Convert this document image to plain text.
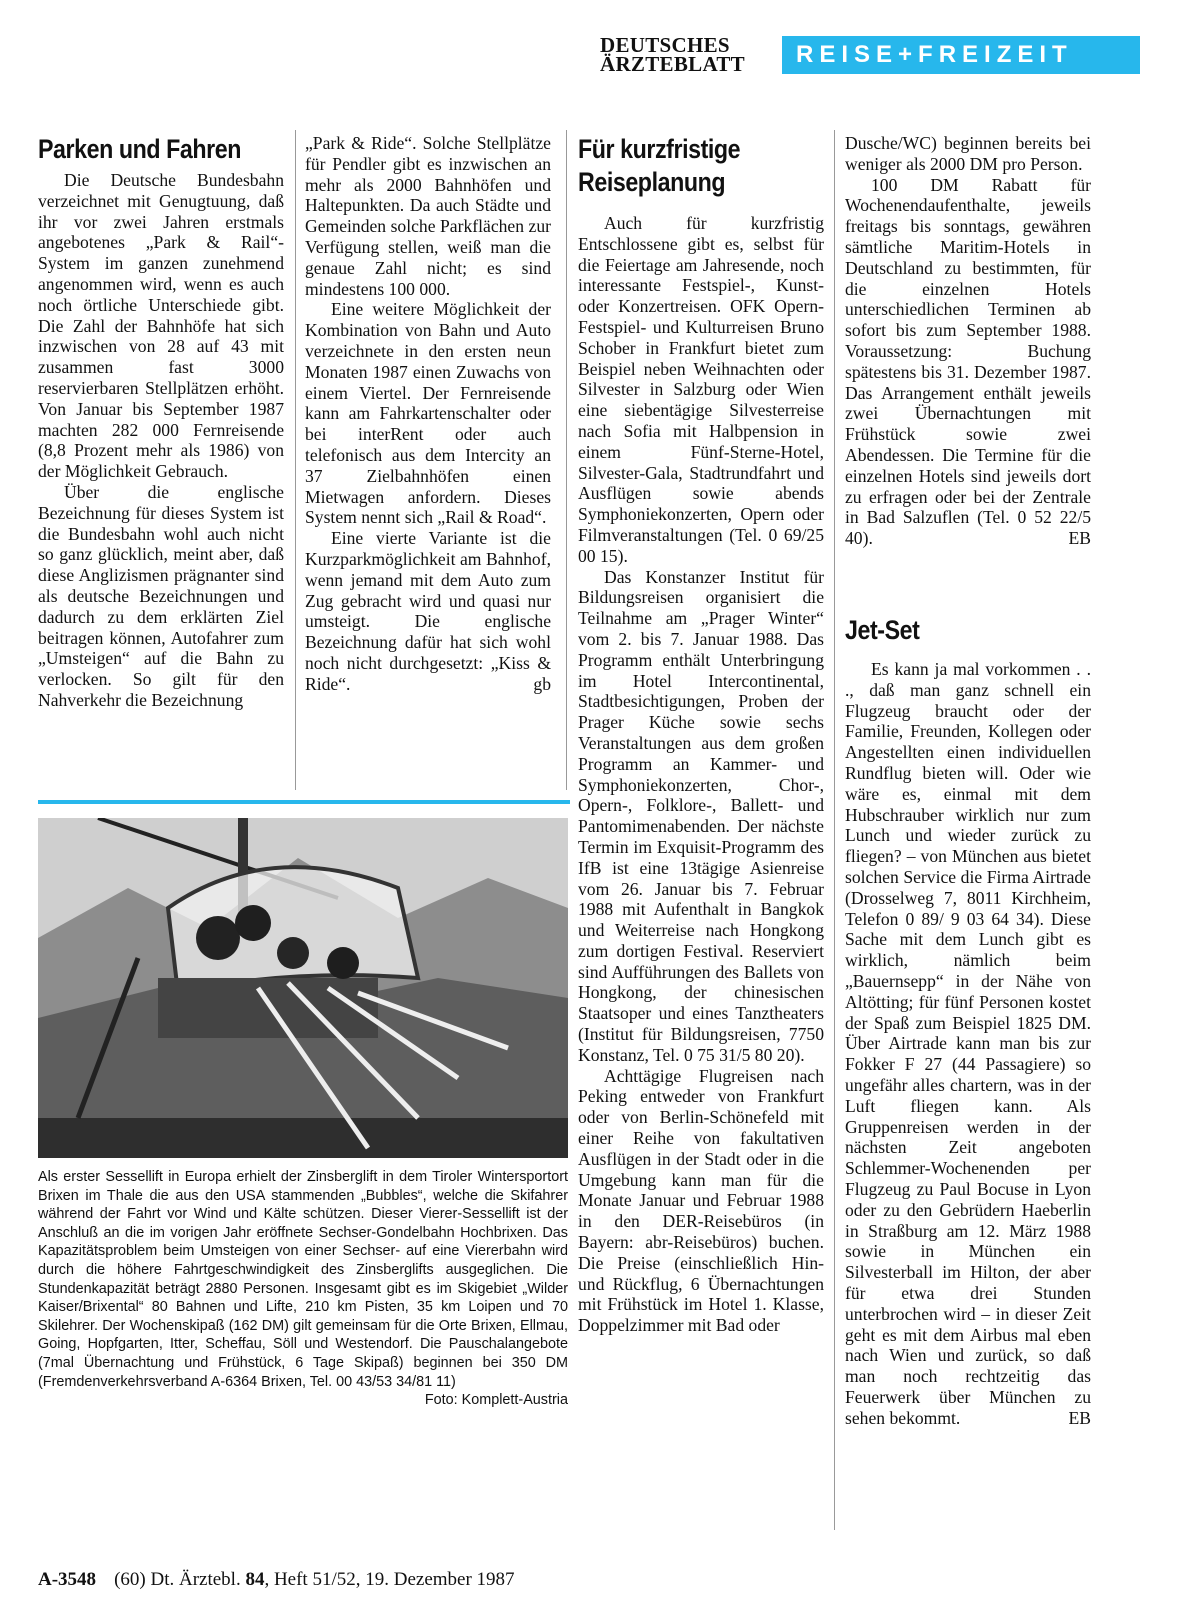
DEUTSCHES
ÄRZTEBLATT	REISE+FREIZEIT
Parken und Fahren

Die Deutsche Bundesbahn verzeichnet mit Genugtuung, daß ihr vor zwei Jahren erstmals angebotenes „Park & Rail“-System im ganzen zunehmend angenommen wird, wenn es auch noch örtliche Unterschiede gibt. Die Zahl der Bahnhöfe hat sich inzwischen von 28 auf 43 mit zusammen fast 3000 reservierbaren Stellplätzen erhöht. Von Januar bis September 1987 machten 282 000 Fernreisende (8,8 Prozent mehr als 1986) von der Möglichkeit Gebrauch.

Über die englische Bezeichnung für dieses System ist die Bundesbahn wohl auch nicht so ganz glücklich, meint aber, daß diese Anglizismen prägnanter sind als deutsche Bezeichnungen und dadurch zu dem erklärten Ziel beitragen können, Autofahrer zum „Umsteigen“ auf die Bahn zu verlocken. So gilt für den Nahverkehr die Bezeichnung

„Park & Ride“. Solche Stellplätze für Pendler gibt es inzwischen an mehr als 2000 Bahnhöfen und Haltepunkten. Da auch Städte und Gemeinden solche Parkflächen zur Verfügung stellen, weiß man die genaue Zahl nicht; es sind mindestens 100 000.

Eine weitere Möglichkeit der Kombination von Bahn und Auto verzeichnete in den ersten neun Monaten 1987 einen Zuwachs von einem Viertel. Der Fernreisende kann am Fahrkartenschalter oder bei interRent oder auch telefonisch aus dem Intercity an 37 Zielbahnhöfen einen Mietwagen anfordern. Dieses System nennt sich „Rail & Road“.

Eine vierte Variante ist die Kurzparkmöglichkeit am Bahnhof, wenn jemand mit dem Auto zum Zug gebracht wird und quasi nur umsteigt. Die englische Bezeichnung dafür hat sich wohl noch nicht durchgesetzt: „Kiss & Ride“.	gb

Als erster Sessellift in Europa erhielt der Zinsberglift in dem Tiroler Wintersportort Brixen im Thale die aus den USA stammenden „Bubbles“, welche die Skifahrer während der Fahrt vor Wind und Kälte schützen. Dieser Vierer-Sessellift ist der Anschluß an die im vorigen Jahr eröffnete Sechser-Gondelbahn Hochbrixen. Das Kapazitätsproblem beim Umsteigen von einer Sechser- auf eine Viererbahn wird durch die höhere Fahrtgeschwindigkeit des Zinsberglifts ausgeglichen. Die Stundenkapazität beträgt 2880 Personen. Insgesamt gibt es im Skigebiet „Wilder Kaiser/Brixental“ 80 Bahnen und Lifte, 210 km Pisten, 35 km Loipen und 70 Skilehrer. Der Wochenskipaß (162 DM) gilt gemeinsam für die Orte Brixen, Ellmau, Going, Hopfgarten, Itter, Scheffau, Söll und Westendorf. Die Pauschalangebote (7mal Übernachtung und Frühstück, 6 Tage Skipaß) beginnen bei 350 DM (Fremdenverkehrsverband A-6364 Brixen, Tel. 00 43/53 34/81 11)
Foto: Komplett-Austria
Für kurzfristige
Reiseplanung

Auch für kurzfristig Entschlossene gibt es, selbst für die Feiertage am Jahresende, noch interessante Festspiel-, Kunst- oder Konzertreisen. OFK Opern-Festspiel- und Kulturreisen Bruno Schober in Frankfurt bietet zum Beispiel neben Weihnachten oder Silvester in Salzburg oder Wien eine siebentägige Silvesterreise nach Sofia mit Halbpension in einem Fünf-Sterne-Hotel, Silvester-Gala, Stadtrundfahrt und Ausflügen sowie abends Symphoniekonzerten, Opern oder Filmveranstaltungen (Tel. 0 69/25 00 15).

Das Konstanzer Institut für Bildungsreisen organisiert die Teilnahme am „Prager Winter“ vom 2. bis 7. Januar 1988. Das Programm enthält Unterbringung im Hotel Intercontinental, Stadtbesichtigungen, Proben der Prager Küche sowie sechs Veranstaltungen aus dem großen Programm an Kammer- und Symphoniekonzerten, Chor-, Opern-, Folklore-, Ballett- und Pantomimenabenden. Der nächste Termin im Exquisit-Programm des IfB ist eine 13tägige Asienreise vom 26. Januar bis 7. Februar 1988 mit Aufenthalt in Bangkok und Weiterreise nach Hongkong zum dortigen Festival. Reserviert sind Aufführungen des Ballets von Hongkong, der chinesischen Staatsoper und eines Tanztheaters (Institut für Bildungsreisen, 7750 Konstanz, Tel. 0 75 31/5 80 20).

Achttägige Flugreisen nach Peking entweder von Frankfurt oder von Berlin-Schönefeld mit einer Reihe von fakultativen Ausflügen in der Stadt oder in die Umgebung kann man für die Monate Januar und Februar 1988 in den DER-Reisebüros (in Bayern: abr-Reisebüros) buchen. Die Preise (einschließlich Hin- und Rückflug, 6 Übernachtungen mit Frühstück im Hotel 1. Klasse, Doppelzimmer mit Bad oder

Dusche/WC) beginnen bereits bei weniger als 2000 DM pro Person.

100 DM Rabatt für Wochenendaufenthalte, jeweils freitags bis sonntags, gewähren sämtliche Maritim-Hotels in Deutschland zu bestimmten, für die einzelnen Hotels unterschiedlichen Terminen ab sofort bis zum September 1988. Voraussetzung: Buchung spätestens bis 31. Dezember 1987. Das Arrangement enthält jeweils zwei Übernachtungen mit Frühstück sowie zwei Abendessen. Die Termine für die einzelnen Hotels sind jeweils dort zu erfragen oder bei der Zentrale in Bad Salzuflen (Tel. 0 52 22/5 40).	EB

Jet-Set

Es kann ja mal vorkommen . . ., daß man ganz schnell ein Flugzeug braucht oder der Familie, Freunden, Kollegen oder Angestellten einen individuellen Rundflug bieten will. Oder wie wäre es, einmal mit dem Hubschrauber wirklich nur zum Lunch und wieder zurück zu fliegen? – von München aus bietet solchen Service die Firma Airtrade (Drosselweg 7, 8011 Kirchheim, Telefon 0 89/ 9 03 64 34). Diese Sache mit dem Lunch gibt es wirklich, nämlich beim „Bauernsepp“ in der Nähe von Altötting; für fünf Personen kostet der Spaß zum Beispiel 1825 DM. Über Airtrade kann man bis zur Fokker F 27 (44 Passagiere) so ungefähr alles chartern, was in der Luft fliegen kann. Als Gruppenreisen werden in der nächsten Zeit angeboten Schlemmer-Wochenenden per Flugzeug zu Paul Bocuse in Lyon oder zu den Gebrüdern Haeberlin in Straßburg am 12. März 1988 sowie in München ein Silvesterball im Hilton, der aber für etwa drei Stunden unterbrochen wird – in dieser Zeit geht es mit dem Airbus mal eben nach Wien und zurück, so daß man noch rechtzeitig das Feuerwerk über München zu sehen bekommt.	EB

A-3548 (60) Dt. Ärztebl. 84, Heft 51/52, 19. Dezember 1987
